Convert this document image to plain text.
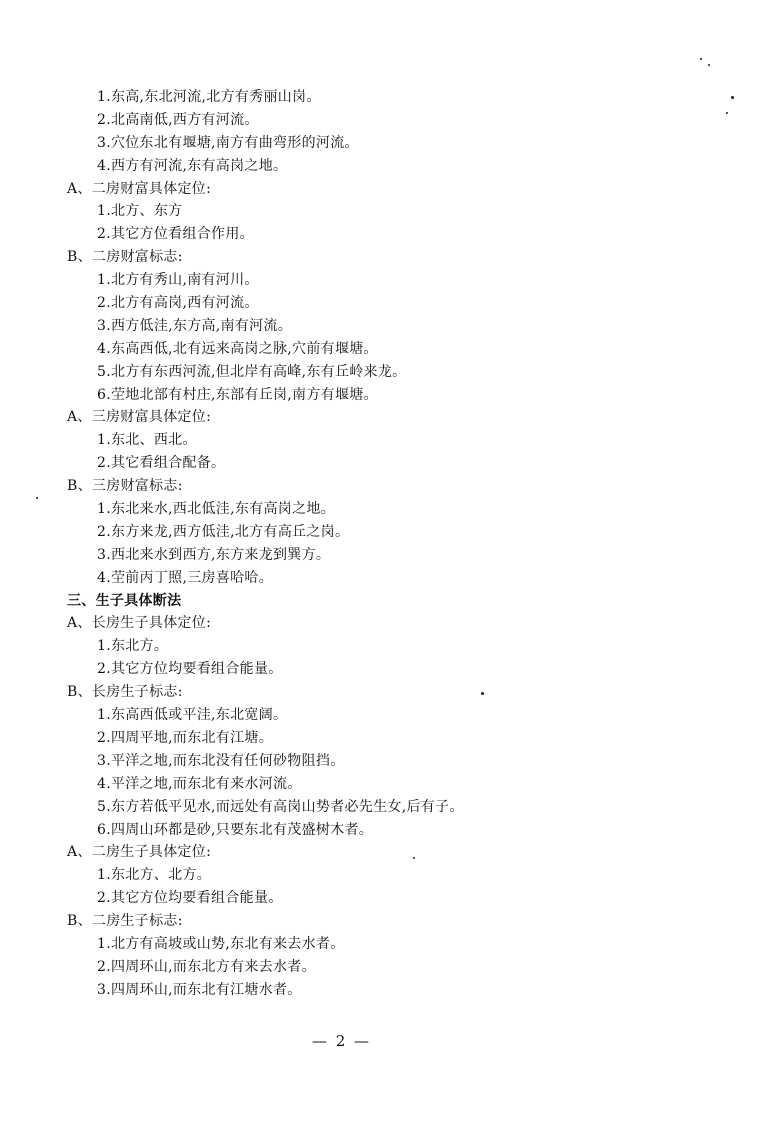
1.东高,东北河流,北方有秀丽山岗。
2.北高南低,西方有河流。
3.穴位东北有堰塘,南方有曲弯形的河流。
4.西方有河流,东有高岗之地。
A、二房财富具体定位:
1.北方、东方
2.其它方位看组合作用。
B、二房财富标志:
1.北方有秀山,南有河川。
2.北方有高岗,西有河流。
3.西方低洼,东方高,南有河流。
4.东高西低,北有远来高岗之脉,穴前有堰塘。
5.北方有东西河流,但北岸有高峰,东有丘岭来龙。
6.茔地北部有村庄,东部有丘岗,南方有堰塘。
A、三房财富具体定位:
1.东北、西北。
2.其它看组合配备。
B、三房财富标志:
1.东北来水,西北低洼,东有高岗之地。
2.东方来龙,西方低洼,北方有高丘之岗。
3.西北来水到西方,东方来龙到巽方。
4.茔前丙丁照,三房喜哈哈。
三、生子具体断法
A、长房生子具体定位:
1.东北方。
2.其它方位均要看组合能量。
B、长房生子标志:
1.东高西低或平洼,东北宽阔。
2.四周平地,而东北有江塘。
3.平洋之地,而东北没有任何砂物阻挡。
4.平洋之地,而东北有来水河流。
5.东方若低平见水,而远处有高岗山势者必先生女,后有子。
6.四周山环都是砂,只要东北有茂盛树木者。
A、二房生子具体定位:
1.东北方、北方。
2.其它方位均要看组合能量。
B、二房生子标志:
1.北方有高坡或山势,东北有来去水者。
2.四周环山,而东北方有来去水者。
3.四周环山,而东北有江塘水者。
— 2 —
